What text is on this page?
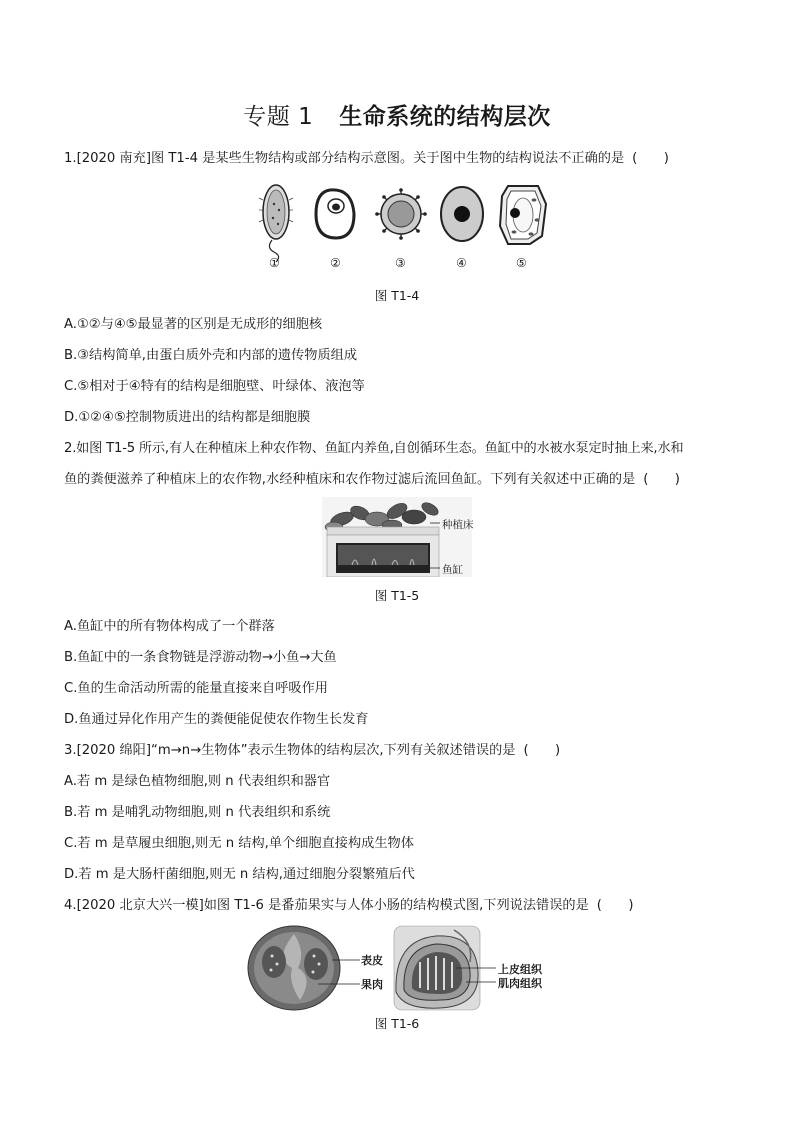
专题 1 生命系统的结构层次
1.[2020 南充]图 T1-4 是某些生物结构或部分结构示意图。关于图中生物的结构说法不正确的是 (　　)
①	②	③	④	⑤
图 T1-4
A.①②与④⑤最显著的区别是无成形的细胞核
B.③结构简单,由蛋白质外壳和内部的遗传物质组成
C.⑤相对于④特有的结构是细胞壁、叶绿体、液泡等
D.①②④⑤控制物质进出的结构都是细胞膜
2.如图 T1-5 所示,有人在种植床上种农作物、鱼缸内养鱼,自创循环生态。鱼缸中的水被水泵定时抽上来,水和
鱼的粪便滋养了种植床上的农作物,水经种植床和农作物过滤后流回鱼缸。下列有关叙述中正确的是 (　　)
种植床
鱼缸
图 T1-5
A.鱼缸中的所有物体构成了一个群落
B.鱼缸中的一条食物链是浮游动物→小鱼→大鱼
C.鱼的生命活动所需的能量直接来自呼吸作用
D.鱼通过异化作用产生的粪便能促使农作物生长发育
3.[2020 绵阳]“m→n→生物体”表示生物体的结构层次,下列有关叙述错误的是 (　　)
A.若 m 是绿色植物细胞,则 n 代表组织和器官
B.若 m 是哺乳动物细胞,则 n 代表组织和系统
C.若 m 是草履虫细胞,则无 n 结构,单个细胞直接构成生物体
D.若 m 是大肠杆菌细胞,则无 n 结构,通过细胞分裂繁殖后代
4.[2020 北京大兴一模]如图 T1-6 是番茄果实与人体小肠的结构模式图,下列说法错误的是 (　　)
表皮
果肉
上皮组织
肌肉组织
图 T1-6
